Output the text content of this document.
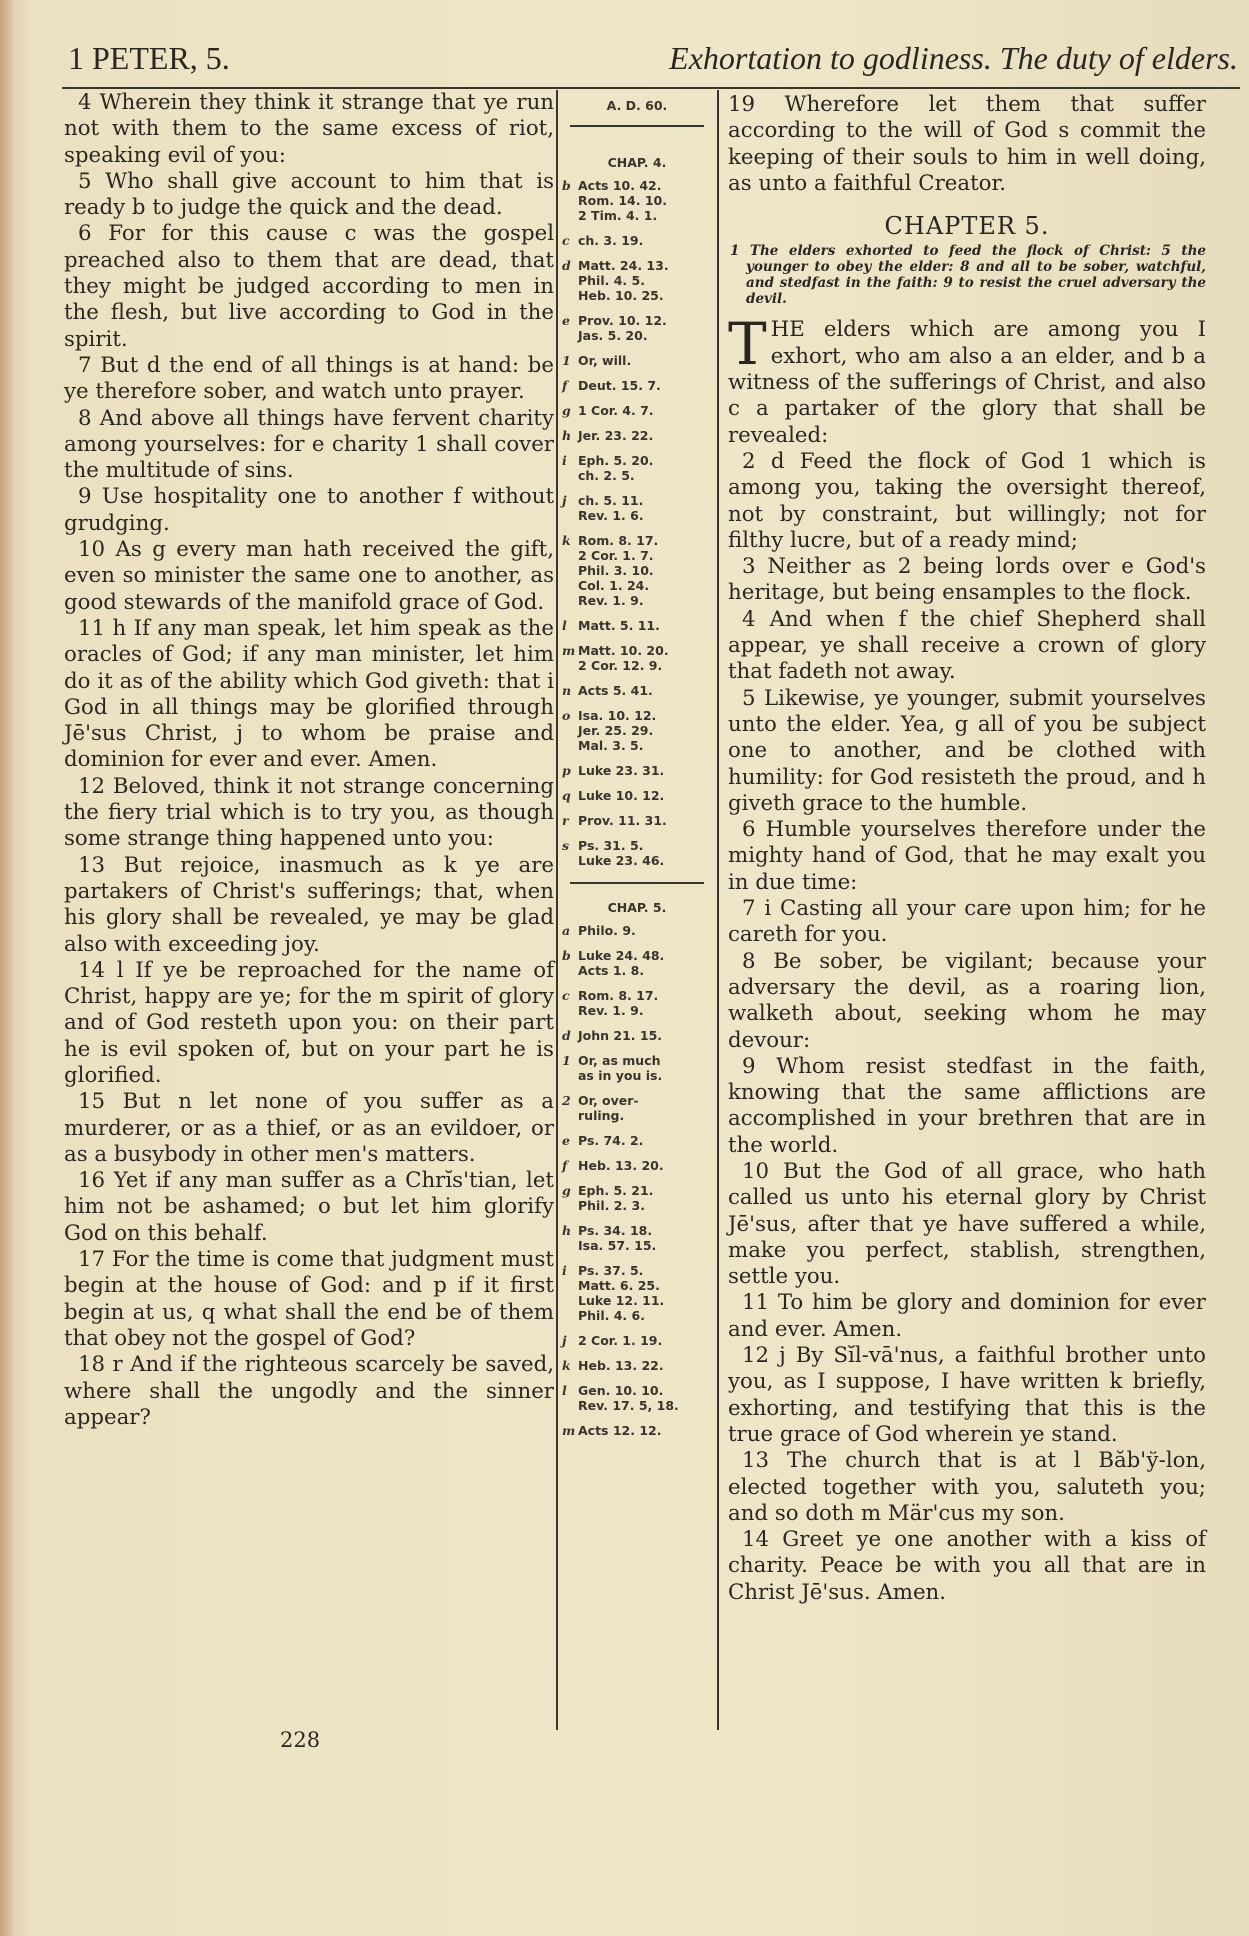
1 PETER, 5.	Exhortation to godliness. The duty of elders.

4 Wherein they think it strange that ye run not with them to the same excess of riot, speaking evil of you:

5 Who shall give account to him that is ready b to judge the quick and the dead.

6 For for this cause c was the gospel preached also to them that are dead, that they might be judged according to men in the flesh, but live according to God in the spirit.

7 But d the end of all things is at hand: be ye therefore sober, and watch unto prayer.

8 And above all things have fervent charity among yourselves: for e charity 1 shall cover the multitude of sins.

9 Use hospitality one to another f without grudging.

10 As g every man hath received the gift, even so minister the same one to another, as good stewards of the manifold grace of God.

11 h If any man speak, let him speak as the oracles of God; if any man minister, let him do it as of the ability which God giveth: that i God in all things may be glorified through Jē'sus Christ, j to whom be praise and dominion for ever and ever. Amen.

12 Beloved, think it not strange concerning the fiery trial which is to try you, as though some strange thing happened unto you:

13 But rejoice, inasmuch as k ye are partakers of Christ's sufferings; that, when his glory shall be revealed, ye may be glad also with exceeding joy.

14 l If ye be reproached for the name of Christ, happy are ye; for the m spirit of glory and of God resteth upon you: on their part he is evil spoken of, but on your part he is glorified.

15 But n let none of you suffer as a murderer, or as a thief, or as an evildoer, or as a busybody in other men's matters.

16 Yet if any man suffer as a Chrĭs'tian, let him not be ashamed; o but let him glorify God on this behalf.

17 For the time is come that judgment must begin at the house of God: and p if it first begin at us, q what shall the end be of them that obey not the gospel of God?

18 r And if the righteous scarcely be saved, where shall the ungodly and the sinner appear?

A. D. 60.
CHAP. 4.
b Acts 10. 42.
Rom. 14. 10.
2 Tim. 4. 1.
c ch. 3. 19.
d Matt. 24. 13.
Phil. 4. 5.
Heb. 10. 25.
e Prov. 10. 12.
Jas. 5. 20.
1 Or, will.
f Deut. 15. 7.
g 1 Cor. 4. 7.
h Jer. 23. 22.
i Eph. 5. 20.
ch. 2. 5.
j ch. 5. 11.
Rev. 1. 6.
k Rom. 8. 17.
2 Cor. 1. 7.
Phil. 3. 10.
Col. 1. 24.
Rev. 1. 9.
l Matt. 5. 11.
m Matt. 10. 20.
2 Cor. 12. 9.
n Acts 5. 41.
o Isa. 10. 12.
Jer. 25. 29.
Mal. 3. 5.
p Luke 23. 31.
q Luke 10. 12.
r Prov. 11. 31.
s Ps. 31. 5.
Luke 23. 46.
CHAP. 5.
a Philo. 9.
b Luke 24. 48.
Acts 1. 8.
c Rom. 8. 17.
Rev. 1. 9.
d John 21. 15.
1 Or, as much
as in you is.
2 Or, over-
ruling.
e Ps. 74. 2.
f Heb. 13. 20.
g Eph. 5. 21.
Phil. 2. 3.
h Ps. 34. 18.
Isa. 57. 15.
i Ps. 37. 5.
Matt. 6. 25.
Luke 12. 11.
Phil. 4. 6.
j 2 Cor. 1. 19.
k Heb. 13. 22.
l Gen. 10. 10.
Rev. 17. 5, 18.
m Acts 12. 12.

19 Wherefore let them that suffer according to the will of God s commit the keeping of their souls to him in well doing, as unto a faithful Creator.

CHAPTER 5.
1 The elders exhorted to feed the flock of Christ: 5 the younger to obey the elder: 8 and all to be sober, watchful, and stedfast in the faith: 9 to resist the cruel adversary the devil.

THE elders which are among you I exhort, who am also a an elder, and b a witness of the sufferings of Christ, and also c a partaker of the glory that shall be revealed:

2 d Feed the flock of God 1 which is among you, taking the oversight thereof, not by constraint, but willingly; not for filthy lucre, but of a ready mind;

3 Neither as 2 being lords over e God's heritage, but being ensamples to the flock.

4 And when f the chief Shepherd shall appear, ye shall receive a crown of glory that fadeth not away.

5 Likewise, ye younger, submit yourselves unto the elder. Yea, g all of you be subject one to another, and be clothed with humility: for God resisteth the proud, and h giveth grace to the humble.

6 Humble yourselves therefore under the mighty hand of God, that he may exalt you in due time:

7 i Casting all your care upon him; for he careth for you.

8 Be sober, be vigilant; because your adversary the devil, as a roaring lion, walketh about, seeking whom he may devour:

9 Whom resist stedfast in the faith, knowing that the same afflictions are accomplished in your brethren that are in the world.

10 But the God of all grace, who hath called us unto his eternal glory by Christ Jē'sus, after that ye have suffered a while, make you perfect, stablish, strengthen, settle you.

11 To him be glory and dominion for ever and ever. Amen.

12 j By Sĭl-vā'nus, a faithful brother unto you, as I suppose, I have written k briefly, exhorting, and testifying that this is the true grace of God wherein ye stand.

13 The church that is at l Băb'ў-lon, elected together with you, saluteth you; and so doth m Mär'cus my son.

14 Greet ye one another with a kiss of charity. Peace be with you all that are in Christ Jē'sus. Amen.

228
